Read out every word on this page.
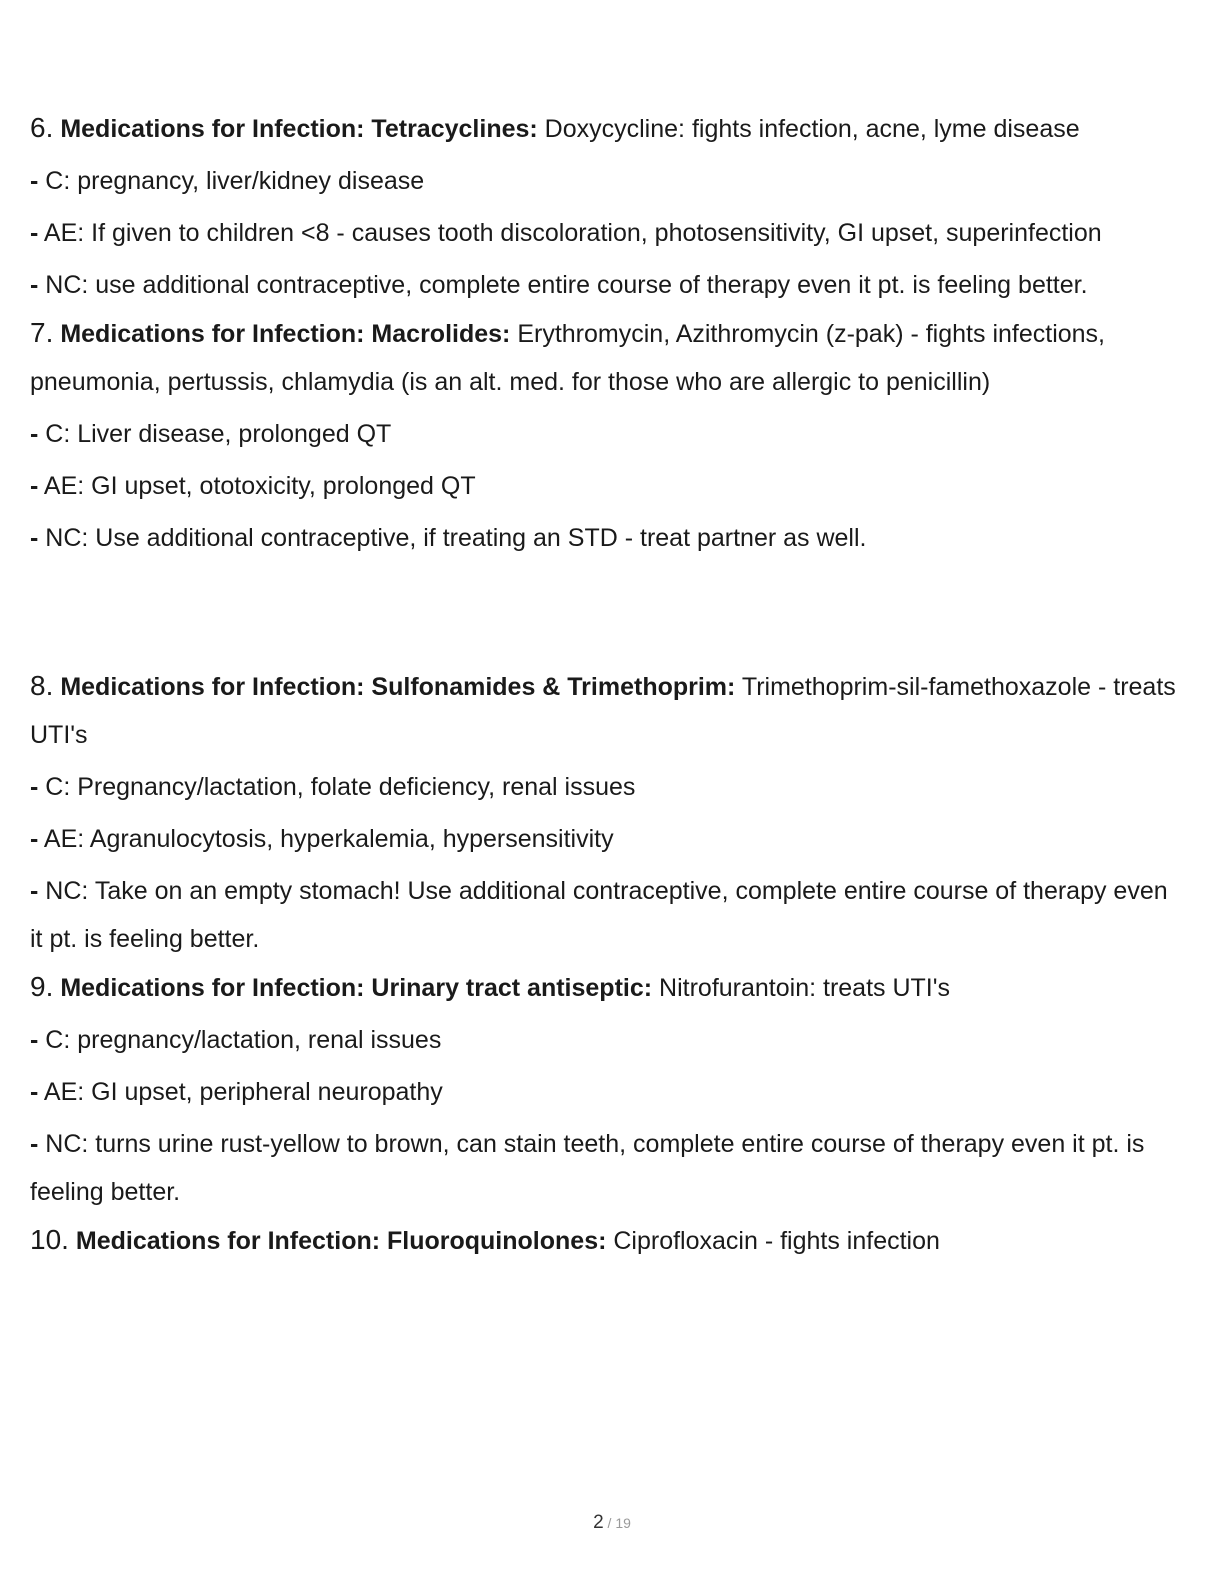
6. Medications for Infection: Tetracyclines: Doxycycline: fights infection, acne, lyme disease

- C: pregnancy, liver/kidney disease

- AE: If given to children <8 - causes tooth discoloration, photosensitivity, GI upset, superinfection

- NC: use additional contraceptive, complete entire course of therapy even it pt. is feeling better.

7. Medications for Infection: Macrolides: Erythromycin, Azithromycin (z-pak) - fights infections, pneumonia, pertussis, chlamydia (is an alt. med. for those who are allergic to penicillin)

- C: Liver disease, prolonged QT

- AE: GI upset, ototoxicity, prolonged QT

- NC: Use additional contraceptive, if treating an STD - treat partner as well.

8. Medications for Infection: Sulfonamides & Trimethoprim: Trimethoprim-sil-famethoxazole - treats UTI's

- C: Pregnancy/lactation, folate deficiency, renal issues

- AE: Agranulocytosis, hyperkalemia, hypersensitivity

- NC: Take on an empty stomach! Use additional contraceptive, complete entire course of therapy even it pt. is feeling better.

9. Medications for Infection: Urinary tract antiseptic: Nitrofurantoin: treats UTI's

- C: pregnancy/lactation, renal issues

- AE: GI upset, peripheral neuropathy

- NC: turns urine rust-yellow to brown, can stain teeth, complete entire course of therapy even it pt. is feeling better.

10. Medications for Infection: Fluoroquinolones: Ciprofloxacin - fights infection

2 / 19
